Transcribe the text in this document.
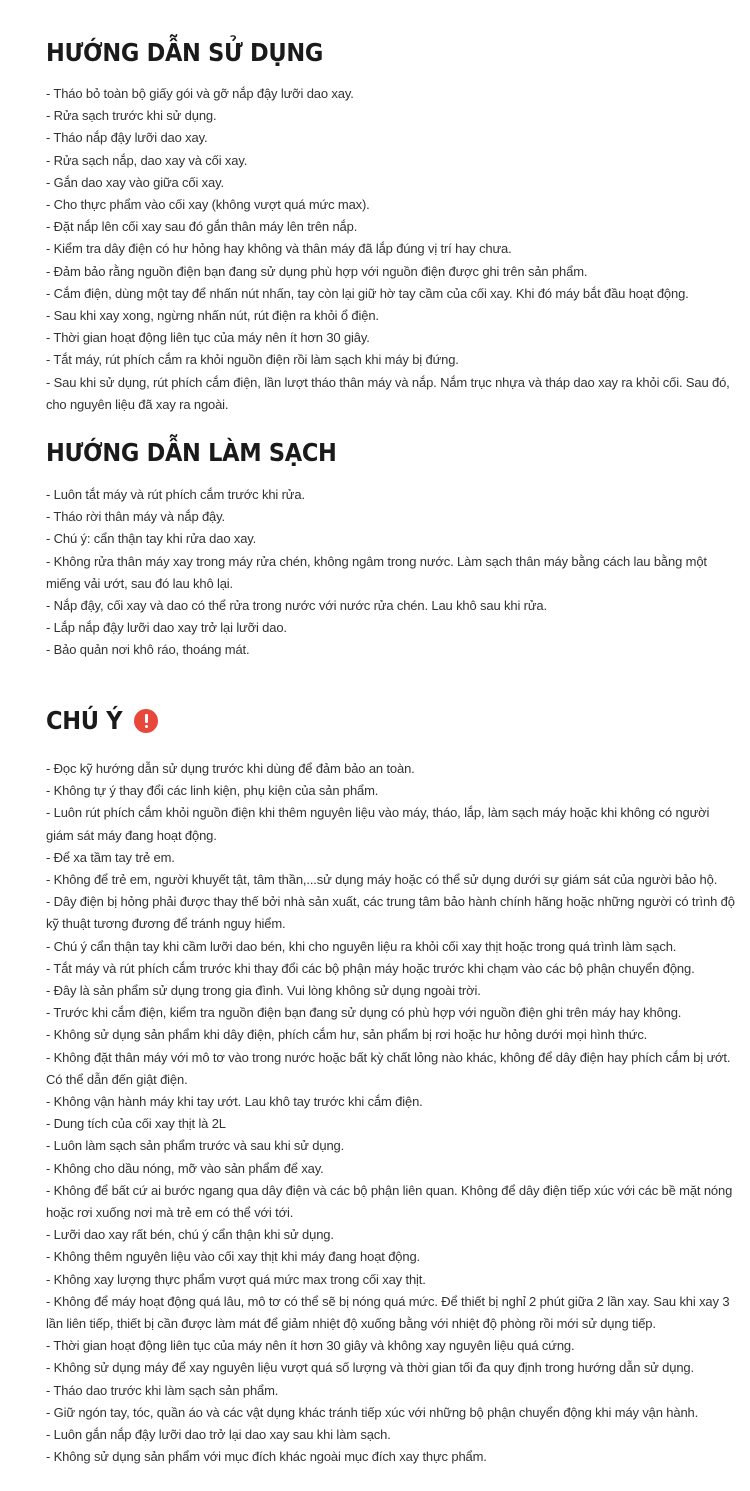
HƯỚNG DẪN SỬ DỤNG
- Tháo bỏ toàn bộ giấy gói và gỡ nắp đậy lưỡi dao xay.
- Rửa sạch trước khi sử dụng.
- Tháo nắp đậy lưỡi dao xay.
- Rửa sạch nắp, dao xay và cối xay.
- Gắn dao xay vào giữa cối xay.
- Cho thực phẩm vào cối xay (không vượt quá mức max).
- Đặt nắp lên cối xay sau đó gắn thân máy lên trên nắp.
- Kiểm tra dây điện có hư hỏng hay không và thân máy đã lắp đúng vị trí hay chưa.
- Đảm bảo rằng nguồn điện bạn đang sử dụng phù hợp với nguồn điện được ghi trên sản phẩm.
- Cắm điện, dùng một tay để nhấn nút nhấn, tay còn lại giữ hờ tay cầm của cối xay. Khi đó máy bắt đầu hoạt động.
- Sau khi xay xong, ngừng nhấn nút, rút điện ra khỏi ổ điện.
- Thời gian hoạt động liên tục của máy nên ít hơn 30 giây.
- Tắt máy, rút phích cắm ra khỏi nguồn điện rồi làm sạch khi máy bị đứng.
- Sau khi sử dụng, rút phích cắm điện, lần lượt tháo thân máy và nắp. Nắm trục nhựa và tháp dao xay ra khỏi cối. Sau đó, cho nguyên liệu đã xay ra ngoài.
HƯỚNG DẪN LÀM SẠCH
- Luôn tắt máy và rút phích cắm trước khi rửa.
- Tháo rời thân máy và nắp đậy.
- Chú ý: cẩn thận tay khi rửa dao xay.
- Không rửa thân máy xay trong máy rửa chén, không ngâm trong nước. Làm sạch thân máy bằng cách lau bằng một miếng vải ướt, sau đó lau khô lại.
- Nắp đậy, cối xay và dao có thể rửa trong nước với nước rửa chén. Lau khô sau khi rửa.
- Lắp nắp đậy lưỡi dao xay trở lại lưỡi dao.
- Bảo quản nơi khô ráo, thoáng mát.
CHÚ Ý
- Đọc kỹ hướng dẫn sử dụng trước khi dùng để đảm bảo an toàn.
- Không tự ý thay đổi các linh kiện, phụ kiện của sản phẩm.
- Luôn rút phích cắm khỏi nguồn điện khi thêm nguyên liệu vào máy, tháo, lắp, làm sạch máy hoặc khi không có người giám sát máy đang hoạt động.
- Để xa tầm tay trẻ em.
- Không để trẻ em, người khuyết tật, tâm thần,...sử dụng máy hoặc có thể sử dụng dưới sự giám sát của người bảo hộ.
- Dây điện bị hỏng phải được thay thế bởi nhà sản xuất, các trung tâm bảo hành chính hãng hoặc những người có trình độ kỹ thuật tương đương để tránh nguy hiểm.
- Chú ý cẩn thận tay khi cầm lưỡi dao bén, khi cho nguyên liệu ra khỏi cối xay thịt hoặc trong quá trình làm sạch.
- Tắt máy và rút phích cắm trước khi thay đổi các bộ phận máy hoặc trước khi chạm vào các bộ phận chuyển động.
- Đây là sản phẩm sử dụng trong gia đình. Vui lòng không sử dụng ngoài trời.
- Trước khi cắm điện, kiểm tra nguồn điện bạn đang sử dụng có phù hợp với nguồn điện ghi trên máy hay không.
- Không sử dụng sản phẩm khi dây điện, phích cắm hư, sản phẩm bị rơi hoặc hư hỏng dưới mọi hình thức.
- Không đặt thân máy với mô tơ vào trong nước hoặc bất kỳ chất lỏng nào khác, không để dây điện hay phích cắm bị ướt. Có thể dẫn đến giật điện.
- Không vận hành máy khi tay ướt. Lau khô tay trước khi cắm điện.
- Dung tích của cối xay thịt là 2L
- Luôn làm sạch sản phẩm trước và sau khi sử dụng.
- Không cho dầu nóng, mỡ vào sản phẩm để xay.
- Không để bất cứ ai bước ngang qua dây điện và các bộ phận liên quan. Không để dây điện tiếp xúc với các bề mặt nóng hoặc rơi xuống nơi mà trẻ em có thể với tới.
- Lưỡi dao xay rất bén, chú ý cẩn thận khi sử dụng.
- Không thêm nguyên liệu vào cối xay thịt khi máy đang hoạt động.
- Không xay lượng thực phẩm vượt quá mức max trong cối xay thịt.
- Không để máy hoạt động quá lâu, mô tơ có thể sẽ bị nóng quá mức. Để thiết bị nghỉ 2 phút giữa 2 lần xay. Sau khi xay 3 lần liên tiếp, thiết bị cần được làm mát để giảm nhiệt độ xuống bằng với nhiệt độ phòng rồi mới sử dụng tiếp.
- Thời gian hoạt động liên tục của máy nên ít hơn 30 giây và không xay nguyên liệu quá cứng.
- Không sử dụng máy để xay nguyên liệu vượt quá số lượng và thời gian tối đa quy định trong hướng dẫn sử dụng.
- Tháo dao trước khi làm sạch sản phẩm.
- Giữ ngón tay, tóc, quần áo và các vật dụng khác tránh tiếp xúc với những bộ phận chuyển động khi máy vận hành.
- Luôn gắn nắp đậy lưỡi dao trở lại dao xay sau khi làm sạch.
- Không sử dụng sản phẩm với mục đích khác ngoài mục đích xay thực phẩm.
